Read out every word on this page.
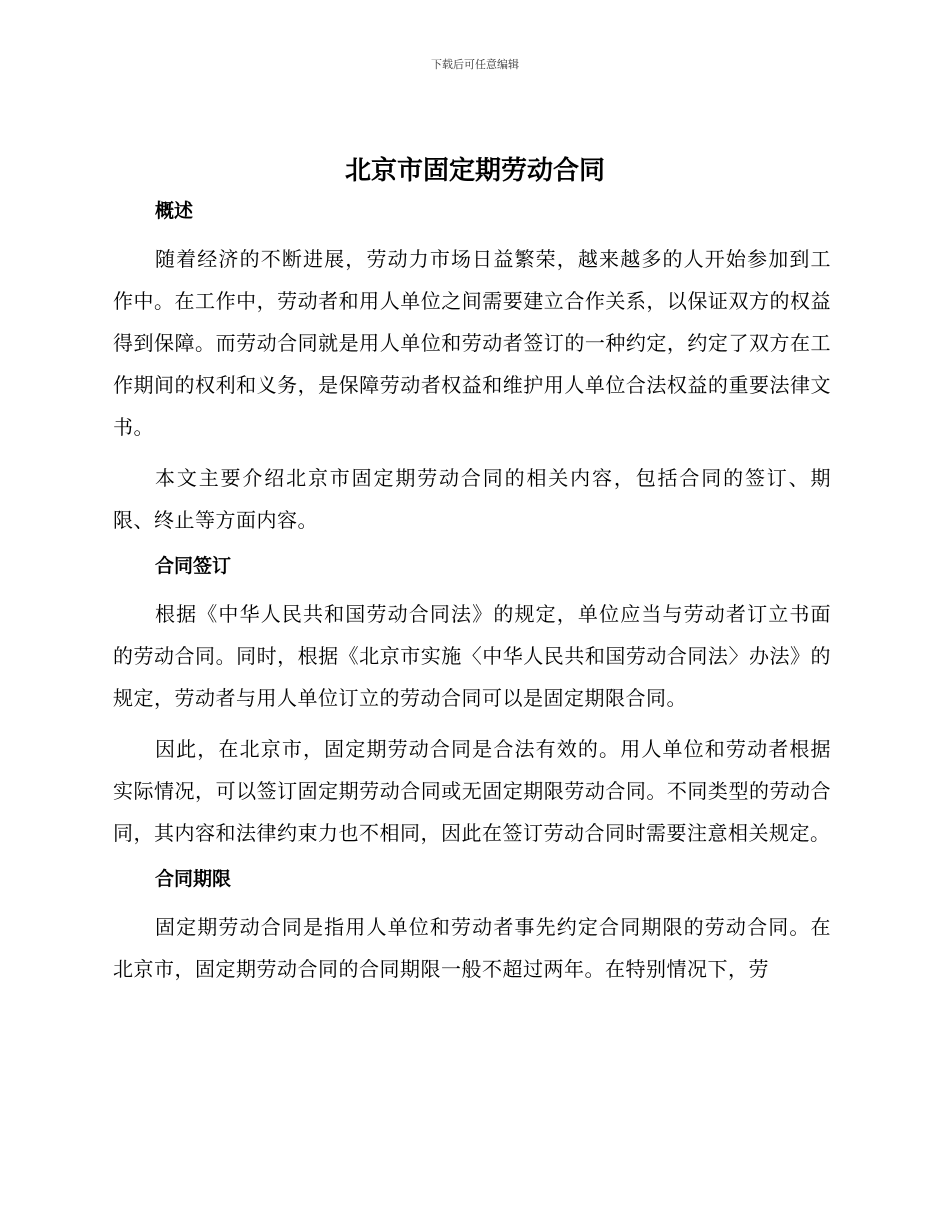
下载后可任意编辑
北京市固定期劳动合同
概述

随着经济的不断进展，劳动力市场日益繁荣，越来越多的人开始参加到工作中。在工作中，劳动者和用人单位之间需要建立合作关系，以保证双方的权益得到保障。而劳动合同就是用人单位和劳动者签订的一种约定，约定了双方在工作期间的权利和义务，是保障劳动者权益和维护用人单位合法权益的重要法律文书。

本文主要介绍北京市固定期劳动合同的相关内容，包括合同的签订、期限、终止等方面内容。

合同签订

根据《中华人民共和国劳动合同法》的规定，单位应当与劳动者订立书面的劳动合同。同时，根据《北京市实施〈中华人民共和国劳动合同法〉办法》的规定，劳动者与用人单位订立的劳动合同可以是固定期限合同。

因此，在北京市，固定期劳动合同是合法有效的。用人单位和劳动者根据实际情况，可以签订固定期劳动合同或无固定期限劳动合同。不同类型的劳动合同，其内容和法律约束力也不相同，因此在签订劳动合同时需要注意相关规定。

合同期限

固定期劳动合同是指用人单位和劳动者事先约定合同期限的劳动合同。在北京市，固定期劳动合同的合同期限一般不超过两年。在特别情况下，劳
